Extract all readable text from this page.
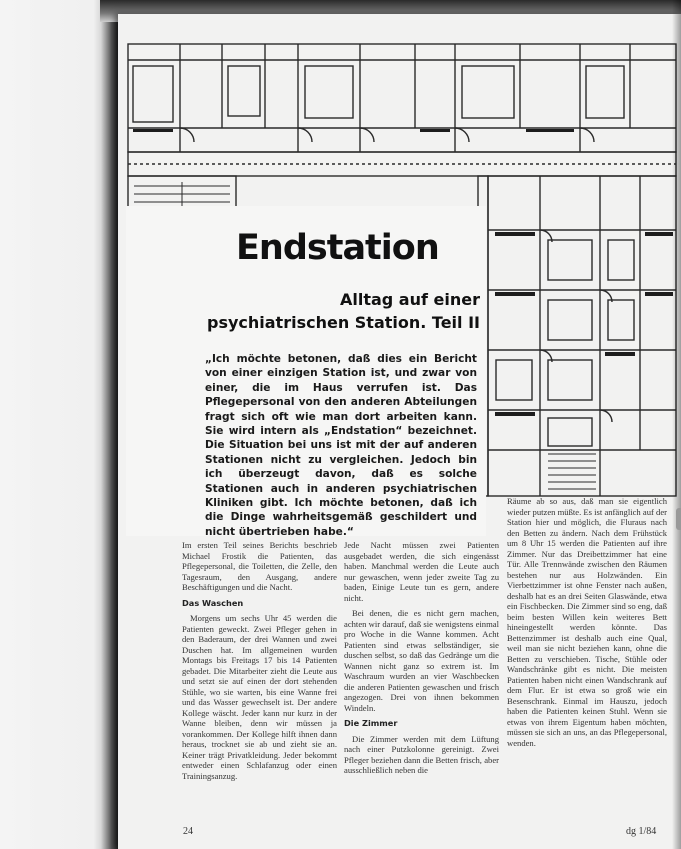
Endstation
Alltag auf einer
psychiatrischen Station. Teil II
„Ich möchte betonen, daß dies ein Bericht von einer einzigen Station ist, und zwar von einer, die im Haus verrufen ist. Das Pflegepersonal von den anderen Abteilungen fragt sich oft wie man dort arbeiten kann. Sie wird intern als „Endstation“ bezeichnet. Die Situation bei uns ist mit der auf anderen Stationen nicht zu vergleichen. Jedoch bin ich überzeugt davon, daß es solche Stationen auch in anderen psychiatrischen Kliniken gibt. Ich möchte betonen, daß ich die Dinge wahrheitsgemäß geschildert und nicht übertrieben habe.“

Im ersten Teil seines Berichts beschrieb Michael Frostik die Patienten, das Pflegepersonal, die Toiletten, die Zelle, den Tagesraum, den Ausgang, andere Beschäftigungen und die Nacht.

Das Waschen

Morgens um sechs Uhr 45 werden die Patienten geweckt. Zwei Pfleger gehen in den Baderaum, der drei Wannen und zwei Duschen hat. Im allgemeinen wurden Montags bis Freitags 17 bis 14 Patienten gebadet. Die Mitarbeiter zieht die Leute aus und setzt sie auf einen der dort stehenden Stühle, wo sie warten, bis eine Wanne frei und das Wasser gewechselt ist. Der andere Kollege wäscht. Jeder kann nur kurz in der Wanne bleiben, denn wir müssen ja vorankommen. Der Kollege hilft ihnen dann heraus, trocknet sie ab und zieht sie an. Keiner trägt Privatkleidung. Jeder bekommt entweder einen Schlafanzug oder einen Trainingsanzug.

Jede Nacht müssen zwei Patienten ausgebadet werden, die sich eingenässt haben. Manchmal werden die Leute auch nur gewaschen, wenn jeder zweite Tag zu baden, Einige Leute tun es gern, andere nicht.

Bei denen, die es nicht gern machen, achten wir darauf, daß sie wenigstens einmal pro Woche in die Wanne kommen. Acht Patienten sind etwas selbständiger, sie duschen selbst, so daß das Gedränge um die Wannen nicht ganz so extrem ist. Im Waschraum wurden an vier Waschbecken die anderen Patienten gewaschen und frisch angezogen. Drei von ihnen bekommen Windeln.

Die Zimmer

Die Zimmer werden mit dem Lüftung nach einer Putzkolonne gereinigt. Zwei Pfleger beziehen dann die Betten frisch, aber ausschließlich neben die

Räume ab so aus, daß man sie eigentlich wieder putzen müßte. Es ist anfänglich auf der Station hier und möglich, die Fluraus nach den Betten zu ändern. Nach dem Frühstück um 8 Uhr 15 werden die Patienten auf ihre Zimmer. Nur das Dreibettzimmer hat eine Tür. Alle Trennwände zwischen den Räumen bestehen nur aus Holzwänden. Ein Vierbettzimmer ist ohne Fenster nach außen, deshalb hat es an drei Seiten Glaswände, etwa ein Fischbecken. Die Zimmer sind so eng, daß beim besten Willen kein weiteres Bett hineingestellt werden könnte. Das Bettenzimmer ist deshalb auch eine Qual, weil man sie nicht beziehen kann, ohne die Betten zu verschieben. Tische, Stühle oder Wandschränke gibt es nicht. Die meisten Patienten haben nicht einen Wandschrank auf dem Flur. Er ist etwa so groß wie ein Besenschrank. Einmal im Hauszu, jedoch haben die Patienten keinen Stuhl. Wenn sie etwas von ihrem Eigentum haben möchten, müssen sie sich an uns, an das Pflegepersonal, wenden.

24	dg 1/84
